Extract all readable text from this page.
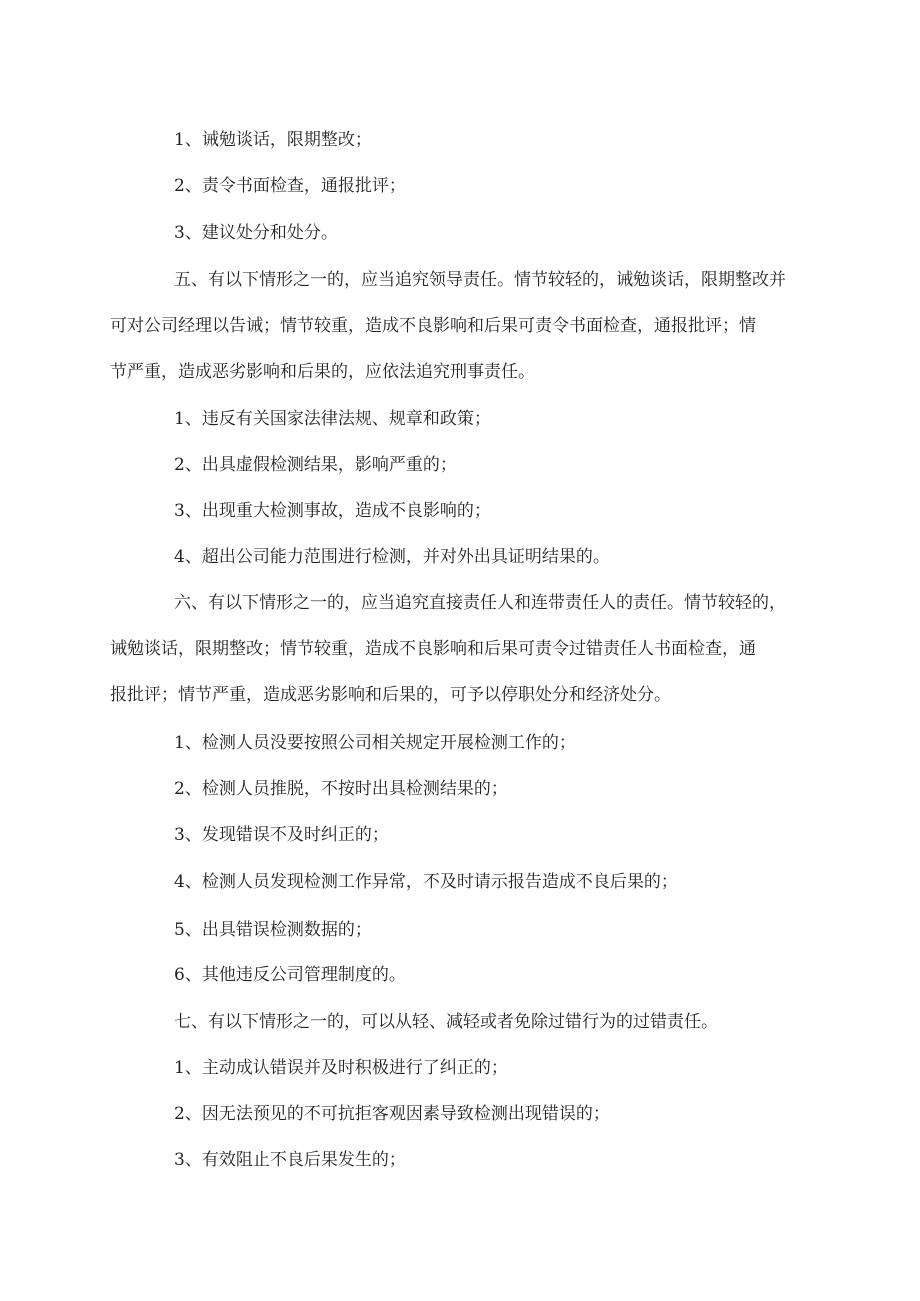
1、诫勉谈话，限期整改；

2、责令书面检查，通报批评；

3、建议处分和处分。

五、有以下情形之一的，应当追究领导责任。情节较轻的，诫勉谈话，限期整改并
可对公司经理以告诫；情节较重，造成不良影响和后果可责令书面检查，通报批评；情
节严重，造成恶劣影响和后果的，应依法追究刑事责任。

1、违反有关国家法律法规、规章和政策；

2、出具虚假检测结果，影响严重的；

3、出现重大检测事故，造成不良影响的；

4、超出公司能力范围进行检测，并对外出具证明结果的。

六、有以下情形之一的，应当追究直接责任人和连带责任人的责任。情节较轻的，
诫勉谈话，限期整改；情节较重，造成不良影响和后果可责令过错责任人书面检查，通
报批评；情节严重，造成恶劣影响和后果的，可予以停职处分和经济处分。

1、检测人员没要按照公司相关规定开展检测工作的；

2、检测人员推脱，不按时出具检测结果的；

3、发现错误不及时纠正的；

4、检测人员发现检测工作异常，不及时请示报告造成不良后果的；

5、出具错误检测数据的；

6、其他违反公司管理制度的。

七、有以下情形之一的，可以从轻、减轻或者免除过错行为的过错责任。

1、主动成认错误并及时积极进行了纠正的；

2、因无法预见的不可抗拒客观因素导致检测出现错误的；

3、有效阻止不良后果发生的；
